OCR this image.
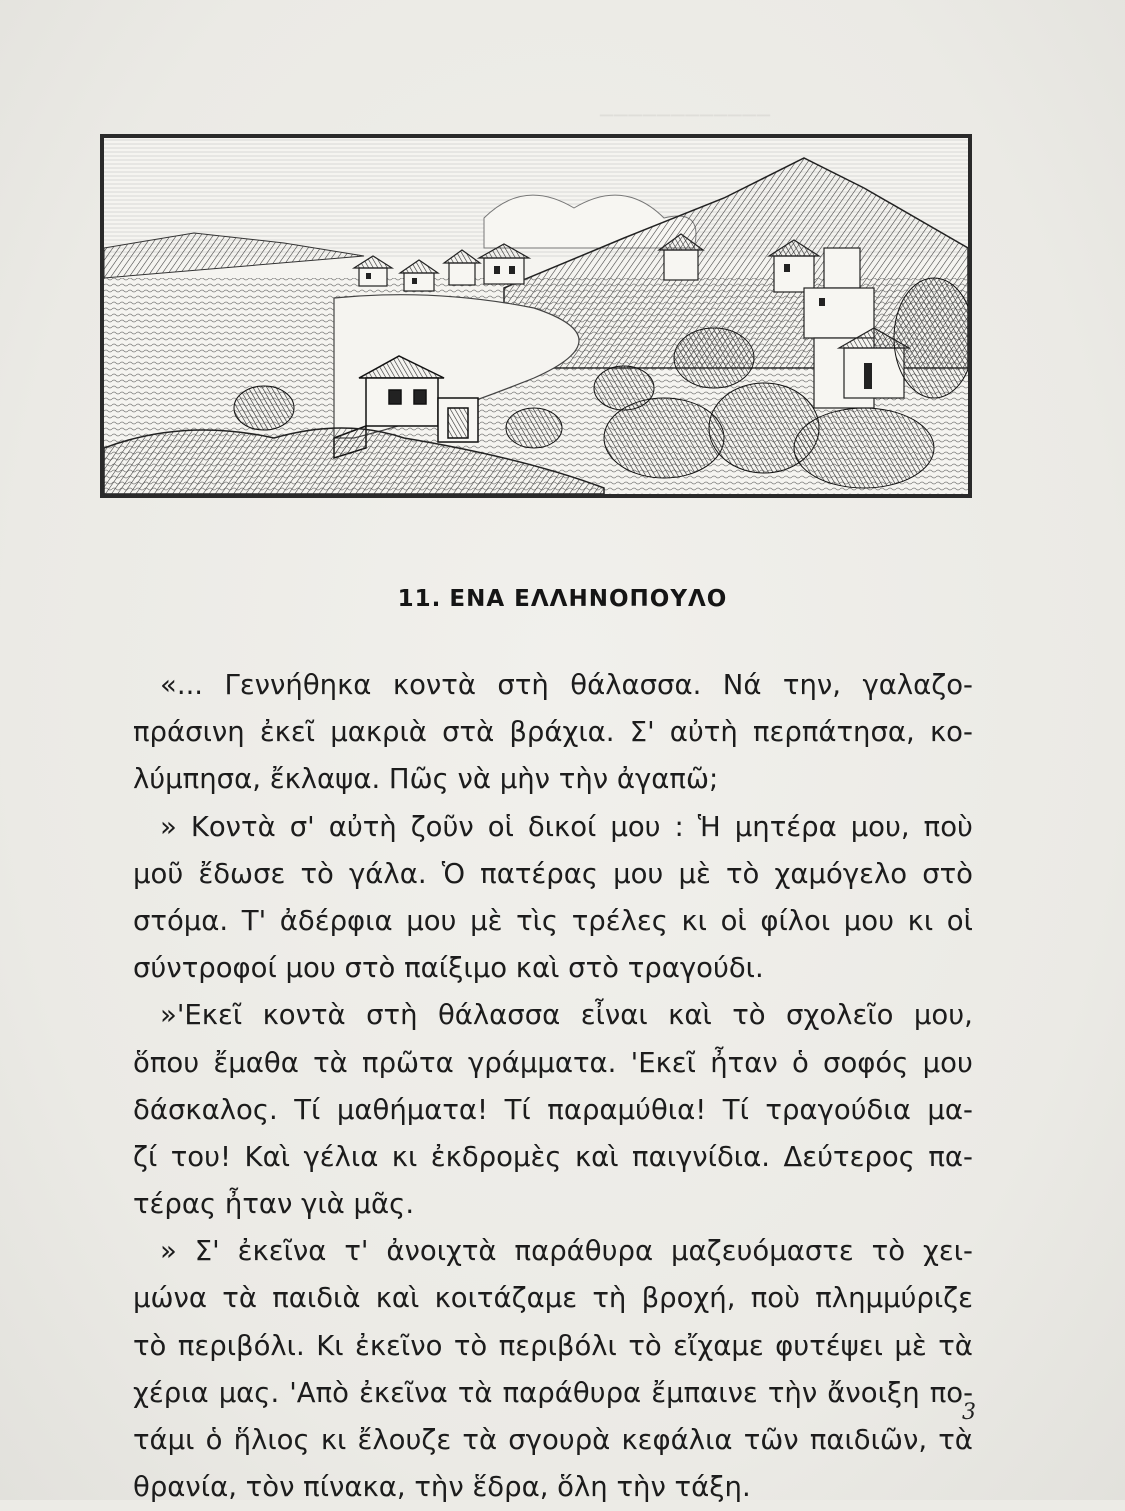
────────────
11. ΕΝΑ ΕΛΛΗΝΟΠΟΥΛΟ
«... Γεννήθηκα κοντὰ στὴ θάλασσα. Νά την, γαλαζο-
πράσινη ἐκεῖ μακριὰ στὰ βράχια. Σ' αὐτὴ περπάτησα, κο-
λύμπησα, ἔκλαψα. Πῶς νὰ μὴν τὴν ἀγαπῶ;
» Κοντὰ σ' αὐτὴ ζοῦν οἱ δικοί μου : Ἡ μητέρα μου, ποὺ
μοῦ ἔδωσε τὸ γάλα. Ὁ πατέρας μου μὲ τὸ χαμόγελο στὸ
στόμα. Τ' ἀδέρφια μου μὲ τὶς τρέλες κι οἱ φίλοι μου κι οἱ
σύντροφοί μου στὸ παίξιμο καὶ στὸ τραγούδι.
»'Εκεῖ κοντὰ στὴ θάλασσα εἶναι καὶ τὸ σχολεῖο μου,
ὅπου ἔμαθα τὰ πρῶτα γράμματα. 'Εκεῖ ἦταν ὁ σοφός μου
δάσκαλος. Τί μαθήματα! Τί παραμύθια! Τί τραγούδια μα-
ζί του! Καὶ γέλια κι ἐκδρομὲς καὶ παιγνίδια. Δεύτερος πα-
τέρας ἦταν γιὰ μᾶς.
» Σ' ἐκεῖνα τ' ἀνοιχτὰ παράθυρα μαζευόμαστε τὸ χει-
μώνα τὰ παιδιὰ καὶ κοιτάζαμε τὴ βροχή, ποὺ πλημμύριζε
τὸ περιβόλι. Κι ἐκεῖνο τὸ περιβόλι τὸ εἴχαμε φυτέψει μὲ τὰ
χέρια μας. 'Απὸ ἐκεῖνα τὰ παράθυρα ἔμπαινε τὴν ἄνοιξη πο-
τάμι ὁ ἥλιος κι ἔλουζε τὰ σγουρὰ κεφάλια τῶν παιδιῶν, τὰ
θρανία, τὸν πίνακα, τὴν ἕδρα, ὅλη τὴν τάξη.
3
